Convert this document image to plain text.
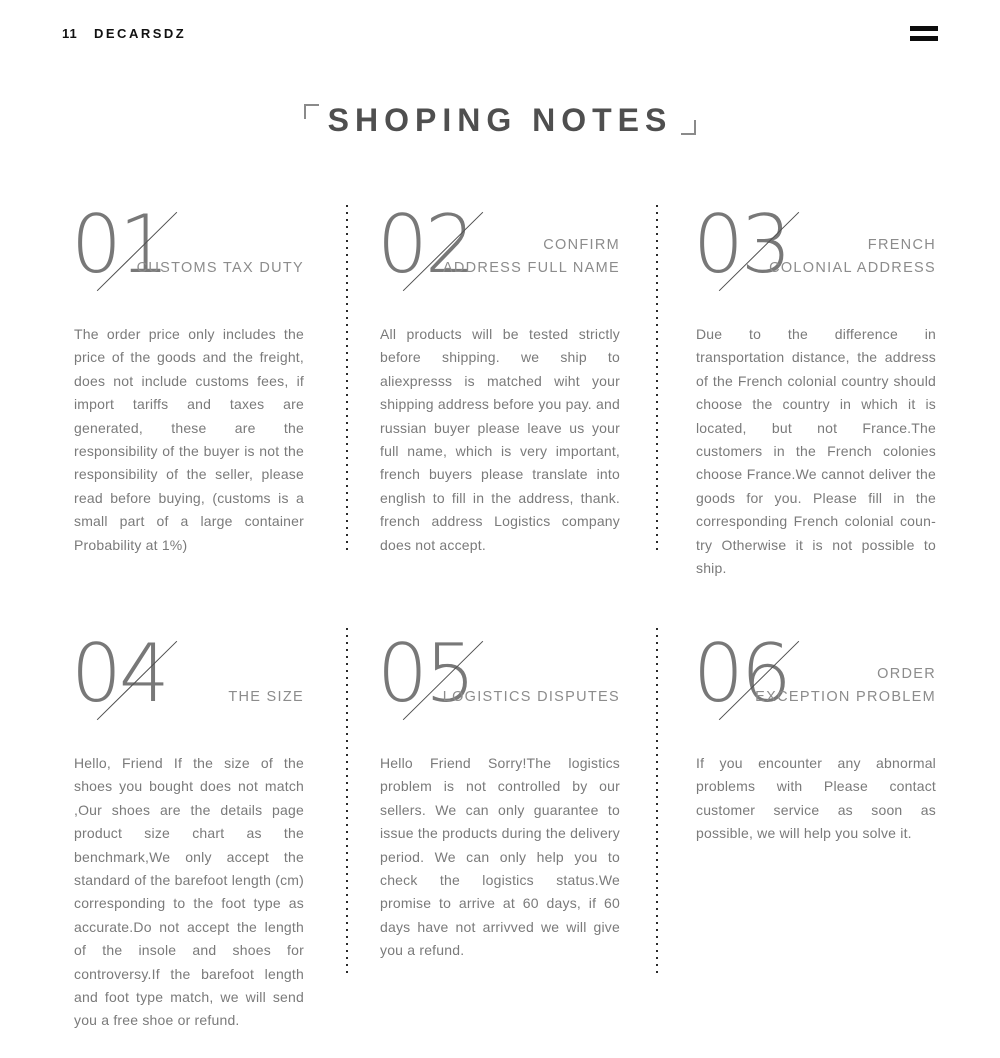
11 DECARSDZ
SHOPING NOTES
01
CUSTOMS TAX DUTY

The order price only includes the price of the goods and the freight, does not include customs fees, if import tariffs and taxes are generated, these are the responsibility of the buyer is not the responsibility of the seller, please read before buying, (customs is a small part of a large container Probability at 1%)

02	CONFIRM
ADDRESS FULL NAME

All products will be tested strictly before shipping. we ship to aliexpresss is matched wiht your shipping address before you pay. and russian buyer please leave us your full name, which is very important, french buyers please translate into english to fill in the address, thank. french address Logistics company does not accept.

03	FRENCH
COLONIAL ADDRESS

Due to the difference in transportation distance, the address of the French colonial country should choose the country in which it is located, but not France.The customers in the French colonies choose France.We cannot deliver the goods for you. Please fill in the corresponding French colonial coun-try Otherwise it is not possible to ship.

04	THE SIZE

Hello, Friend If the size of the shoes you bought does not match ,Our shoes are the details page product size chart as the benchmark,We only accept the standard of the barefoot length (cm) corresponding to the foot type as accurate.Do not accept the length of the insole and shoes for controversy.If the barefoot length and foot type match, we will send you a free shoe or refund.

05
LOGISTICS DISPUTES

Hello Friend Sorry!The logistics problem is not controlled by our sellers. We can only guarantee to issue the products during the delivery period. We can only help you to check the logistics status.We promise to arrive at 60 days, if 60 days have not arrivved we will give you a refund.

06	ORDER
EXCEPTION PROBLEM

If you encounter any abnormal problems with Please contact customer service as soon as possible, we will help you solve it.
